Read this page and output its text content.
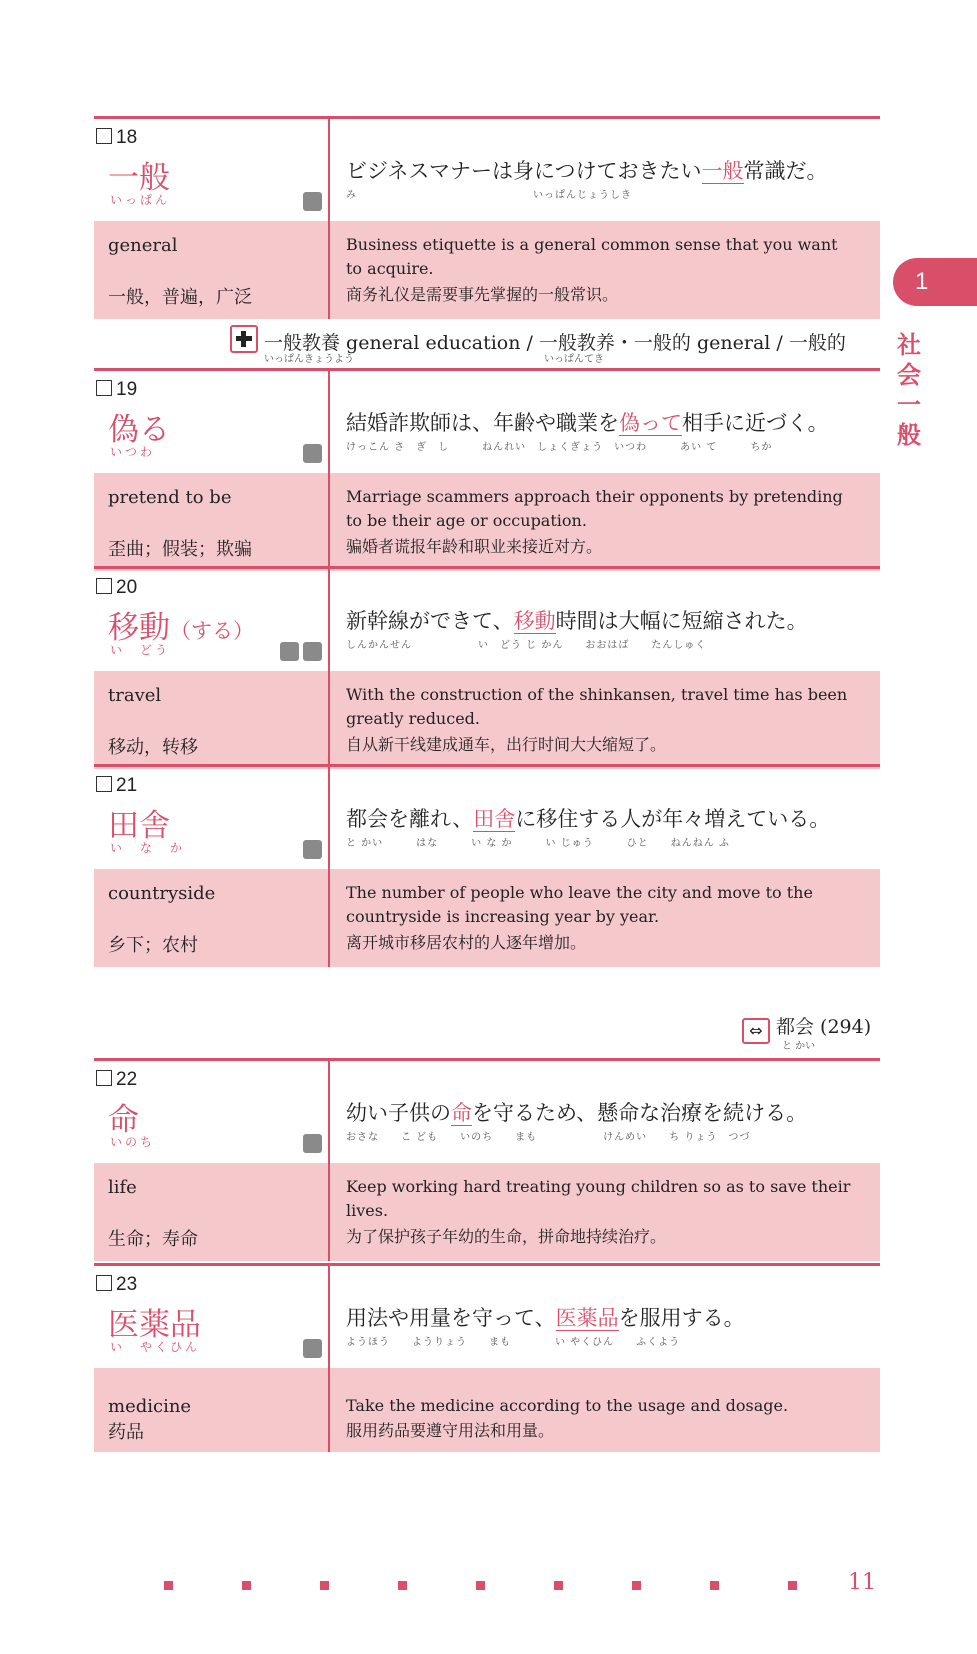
1
社会一般
18
一般
いっぱん
ビジネスマナーは身につけておきたい一般常識だ。
み　　　　　　　　　　　　　　　　いっぱんじょうしき
general
一般，普遍，广泛
Business etiquette is a general common sense that you want to acquire.
商务礼仪是需要事先掌握的一般常识。
一般教養 general education / 一般教养・一般的 general / 一般的
いっぱんきょうよう　　　　　　　　　　　　　　　　　　　いっぱんてき
19
偽る
いつわ
結婚詐欺師は、年齢や職業を偽って相手に近づく。
けっこん さ　ぎ　し　　　ねんれい　しょくぎょう　いつわ　　　あい て　　　ちか
pretend to be
歪曲；假装；欺骗
Marriage scammers approach their opponents by pretending to be their age or occupation.
骗婚者谎报年龄和职业来接近对方。
20
移動（する）
い　どう
新幹線ができて、移動時間は大幅に短縮された。
しんかんせん　　　　　　い　どう じ かん　　おおはば　　たんしゅく
travel
移动，转移
With the construction of the shinkansen, travel time has been greatly reduced.
自从新干线建成通车，出行时间大大缩短了。
21
田舎
い　な　か
都会を離れ、田舎に移住する人が年々増えている。
と かい　　　はな　　　い な か　　　い じゅう　　　ひと　　ねんねん ふ
countryside
乡下；农村
The number of people who leave the city and move to the countryside is increasing year by year.
离开城市移居农村的人逐年增加。
⇔ 都会 (294)
と かい
22
命
いのち
幼い子供の命を守るため、懸命な治療を続ける。
おさな　　こ ども　　いのち　　まも　　　　　　けんめい　　ち りょう　つづ
life
生命；寿命
Keep working hard treating young children so as to save their lives.
为了保护孩子年幼的生命，拼命地持续治疗。
23
医薬品
い　やくひん
用法や用量を守って、医薬品を服用する。
ようほう　　ようりょう　　まも　　　　い やくひん　　ふくよう
medicine
药品
Take the medicine according to the usage and dosage.
服用药品要遵守用法和用量。
11
